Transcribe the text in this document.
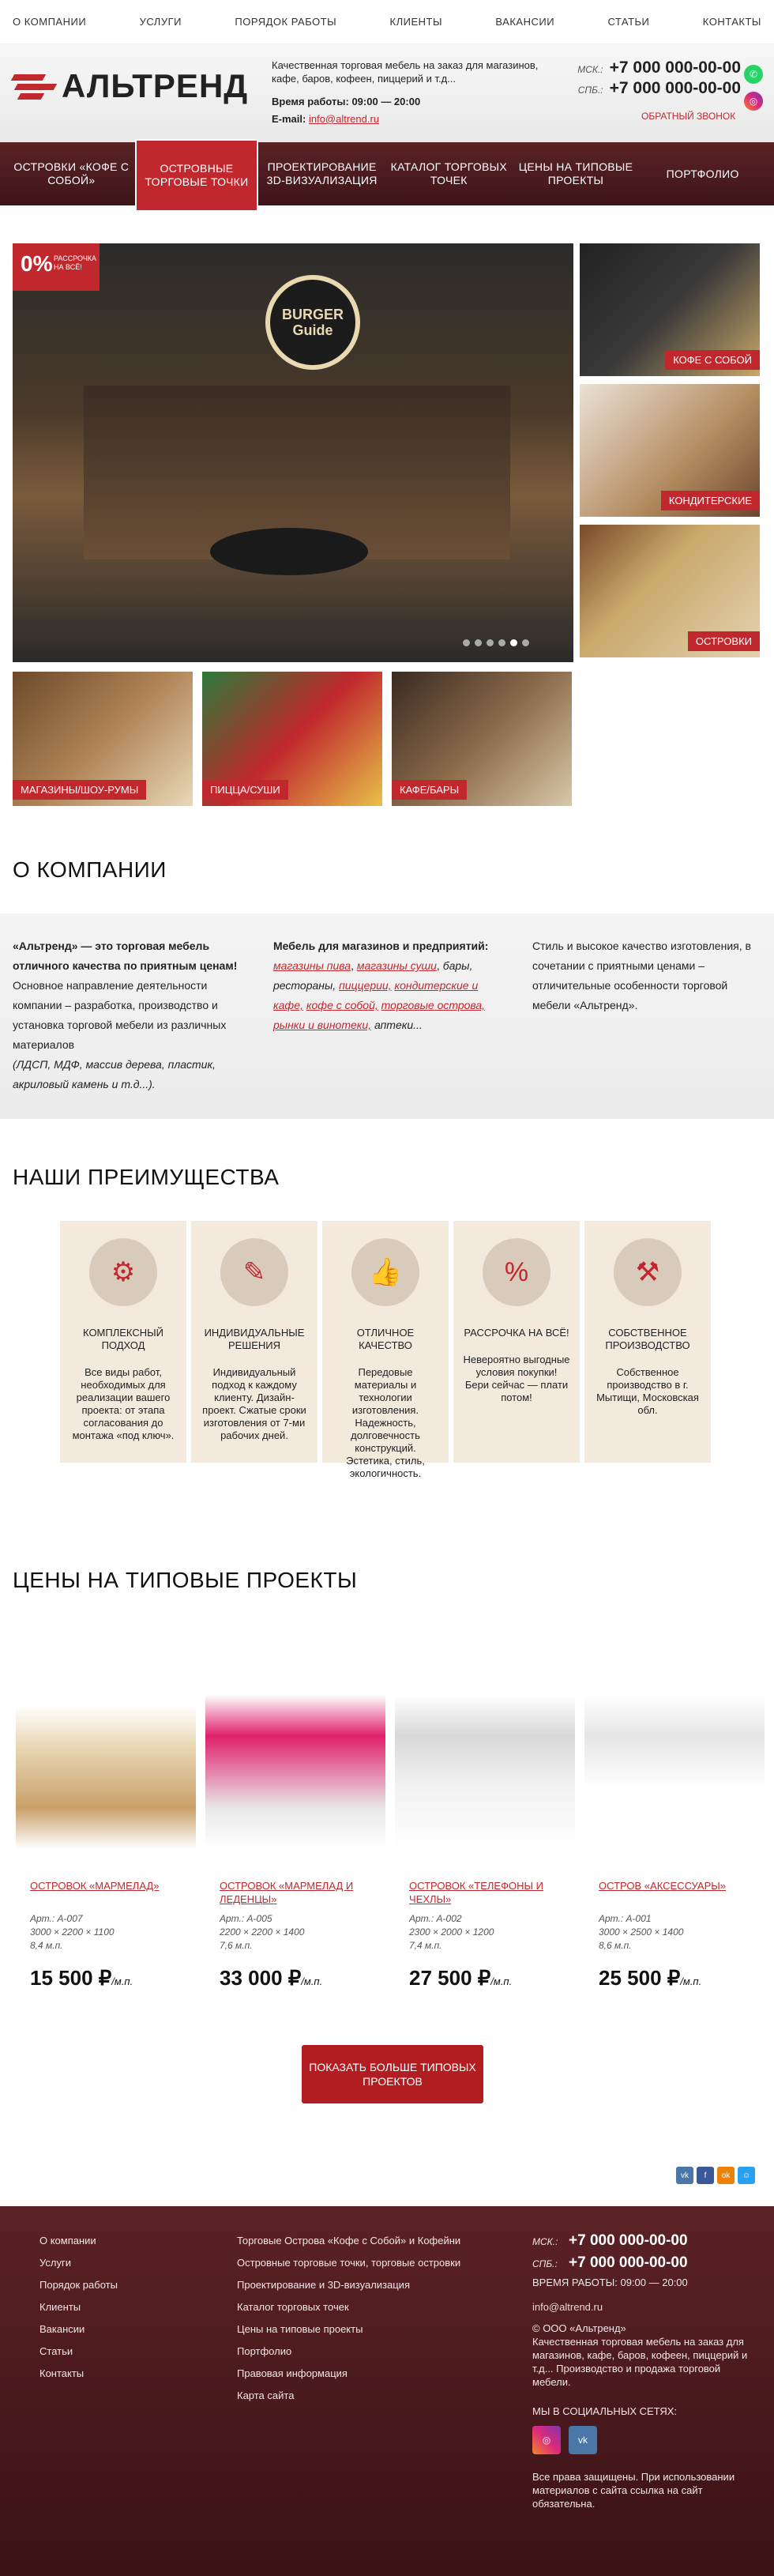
О КОМПАНИИ	УСЛУГИ	ПОРЯДОК РАБОТЫ	КЛИЕНТЫ	ВАКАНСИИ	СТАТЬИ	КОНТАКТЫ
АЛЬТРЕНД
Качественная торговая мебель на заказ для магазинов, кафе, баров, кофеен, пиццерий и т.д...
Время работы: 09:00 — 20:00
E-mail: info@altrend.ru
МСК.: +7 000 000-00-00
СПБ.: +7 000 000-00-00
ОБРАТНЫЙ ЗВОНОК
✆
◎
ОСТРОВКИ «КОФЕ С СОБОЙ»
ОСТРОВНЫЕ ТОРГОВЫЕ ТОЧКИ
ПРОЕКТИРОВАНИЕ 3D-ВИЗУАЛИЗАЦИЯ
КАТАЛОГ ТОРГОВЫХ ТОЧЕК
ЦЕНЫ НА ТИПОВЫЕ ПРОЕКТЫ
ПОРТФОЛИО
BURGER Guide
0% РАССРОЧКА НА ВСЁ!
КОФЕ С СОБОЙ
КОНДИТЕРСКИЕ
ОСТРОВКИ
МАГАЗИНЫ/ШОУ-РУМЫ	ПИЦЦА/СУШИ	КАФЕ/БАРЫ
О КОМПАНИИ
«Альтренд» — это торговая мебель отличного качества по приятным ценам!
Основное направление деятельности компании – разработка, производство и установка торговой мебели из различных материалов
(ЛДСП, МДФ, массив дерева, пластик, акриловый камень и т.д...).
Мебель для магазинов и предприятий:
магазины пива, магазины суши, бары, рестораны, пиццерии, кондитерские и кафе, кофе с собой, торговые острова, рынки и винотеки, аптеки...
Стиль и высокое качество изготовления, в сочетании с приятными ценами – отличительные особенности торговой мебели «Альтренд».
НАШИ ПРЕИМУЩЕСТВА
⚙
КОМПЛЕКСНЫЙ ПОДХОД
Все виды работ, необходимых для реализации вашего проекта: от этапа согласования до монтажа «под ключ».
✎
ИНДИВИДУАЛЬНЫЕ РЕШЕНИЯ
Индивидуальный подход к каждому клиенту. Дизайн-проект. Сжатые сроки изготовления от 7-ми рабочих дней.
👍
ОТЛИЧНОЕ КАЧЕСТВО
Передовые материалы и технологии изготовления. Надежность, долговечность конструкций. Эстетика, стиль, экологичность.
%
РАССРОЧКА НА ВСЁ!
Невероятно выгодные условия покупки! Бери сейчас — плати потом!
⚒
СОБСТВЕННОЕ ПРОИЗВОДСТВО
Собственное производство в г. Мытищи, Московская обл.
ЦЕНЫ НА ТИПОВЫЕ ПРОЕКТЫ
ОСТРОВОК «МАРМЕЛАД»	ОСТРОВОК «МАРМЕЛАД И ЛЕДЕНЦЫ»
ОСТРОВОК «ТЕЛЕФОНЫ И ЧЕХЛЫ»
ОСТРОВ «АКСЕССУАРЫ»
Арт.: А-007
3000 × 2200 × 1100
8,4 м.п.
Арт.: А-005
2200 × 2200 × 1400
7,6 м.п.
Арт.: А-002
2300 × 2000 × 1200
7,4 м.п.
Арт.: А-001
3000 × 2500 × 1400
8,6 м.п.
15 500 ₽/м.п.	33 000 ₽/м.п.	27 500 ₽/м.п.	25 500 ₽/м.п.
ПОКАЗАТЬ БОЛЬШЕ ТИПОВЫХ ПРОЕКТОВ
vk	f	ok	☺
О компании
Услуги
Порядок работы
Клиенты
Вакансии
Статьи
Контакты
Торговые Острова «Кофе с Собой» и Кофейни
Островные торговые точки, торговые островки
Проектирование и 3D-визуализация
Каталог торговых точек
Цены на типовые проекты
Портфолио
Правовая информация
Карта сайта
МСК.: +7 000 000-00-00
СПБ.: +7 000 000-00-00
ВРЕМЯ РАБОТЫ: 09:00 — 20:00
info@altrend.ru
© ООО «Альтренд»
Качественная торговая мебель на заказ для магазинов, кафе, баров, кофеен, пиццерий и т.д... Производство и продажа торговой мебели.
МЫ В СОЦИАЛЬНЫХ СЕТЯХ:
◎	vk
Все права защищены. При использовании материалов с сайта ссылка на сайт обязательна.
